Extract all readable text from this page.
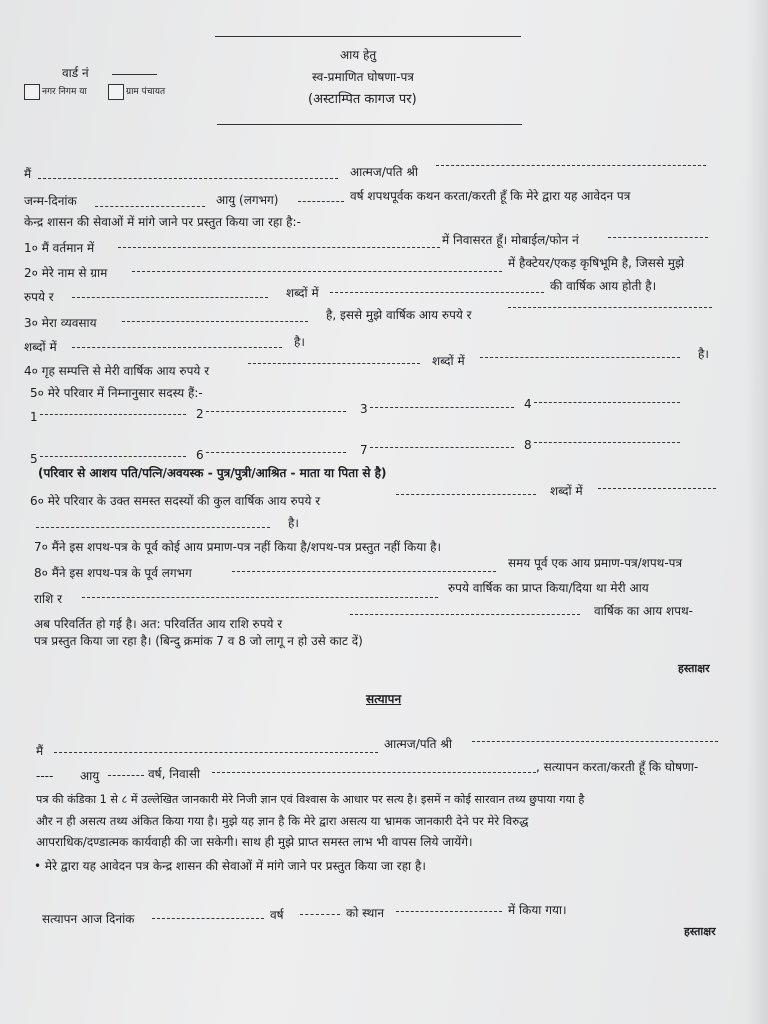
आय हेतु
स्व-प्रमाणित घोषणा-पत्र
(अस्टाम्पित कागज पर)
वार्ड नं
नगर निगम या	ग्राम पंचायत
मैं	आत्मज/पति श्री
जन्म-दिनांक	आयु (लगभग)	वर्ष शपथपूर्वक कथन करता/करती हूँ कि मेरे द्वारा यह आवेदन पत्र
केन्द्र शासन की सेवाओं में मांगे जाने पर प्रस्तुत किया जा रहा है:-
1० मैं वर्तमान में
में निवासरत हूँ। मोबाईल/फोन नं
2० मेरे नाम से ग्राम
में हैक्टेयर/एकड़ कृषिभूमि है, जिससे मुझे
रुपये र	शब्दों में	की वार्षिक आय होती है।
3० मेरा व्यवसाय
है, इससे मुझे वार्षिक आय रुपये र
शब्दों में	है।
4० गृह सम्पत्ति से मेरी वार्षिक आय रुपये र
शब्दों में	है।
5० मेरे परिवार में निम्नानुसार सदस्य हैं:-
1	2	3	4
5	6	7	8
(परिवार से आशय पति/पत्नि/अवयस्क - पुत्र/पुत्री/आश्रित - माता या पिता से है)
6० मेरे परिवार के उक्त समस्त सदस्यों की कुल वार्षिक आय रुपये र
शब्दों में
है।
7० मैंने इस शपथ-पत्र के पूर्व कोई आय प्रमाण-पत्र नहीं किया है/शपथ-पत्र प्रस्तुत नहीं किया है।
8० मैंने इस शपथ-पत्र के पूर्व लगभग
समय पूर्व एक आय प्रमाण-पत्र/शपथ-पत्र
राशि र
रुपये वार्षिक का प्राप्त किया/दिया था मेरी आय
अब परिवर्तित हो गई है। अत: परिवर्तित आय राशि रुपये र
वार्षिक का आय शपथ-
पत्र प्रस्तुत किया जा रहा है। (बिन्दु क्रमांक 7 व 8 जो लागू न हो उसे काट दें)
हस्ताक्षर
सत्यापन
मैं	आत्मज/पति श्री
---- आयु	वर्ष, निवासी	, सत्यापन करता/करती हूँ कि घोषणा-
पत्र की कंडिका 1 से ८ में उल्लेखित जानकारी मेरे निजी ज्ञान एवं विश्वास के आधार पर सत्य है। इसमें न कोई सारवान तथ्य छुपाया गया है
और न ही असत्य तथ्य अंकित किया गया है। मुझे यह ज्ञान है कि मेरे द्वारा असत्य या भ्रामक जानकारी देने पर मेरे विरुद्ध
आपराधिक/दण्डात्मक कार्यवाही की जा सकेगी। साथ ही मुझे प्राप्त समस्त लाभ भी वापस लिये जायेंगे।
• मेरे द्वारा यह आवेदन पत्र केन्द्र शासन की सेवाओं में मांगे जाने पर प्रस्तुत किया जा रहा है।
सत्यापन आज दिनांक	वर्ष	को स्थान	में किया गया।
हस्ताक्षर
